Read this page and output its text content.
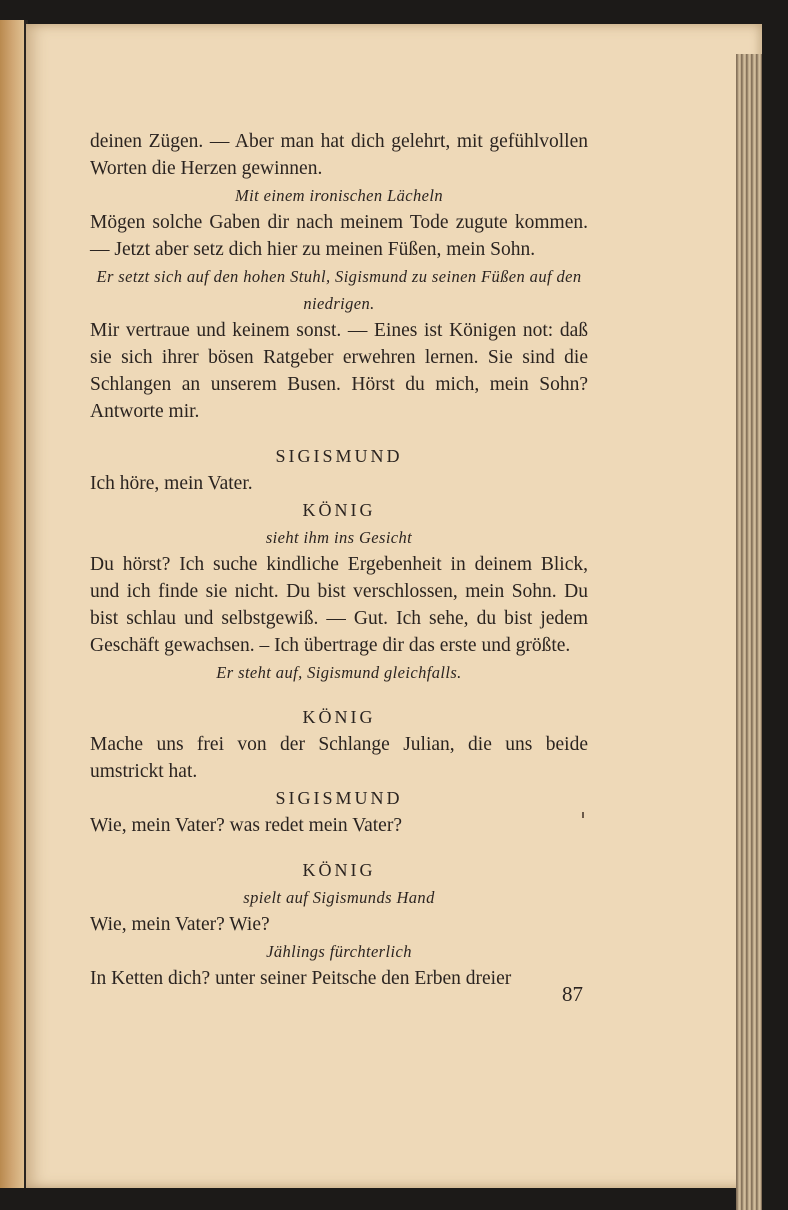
deinen Zügen. — Aber man hat dich gelehrt, mit gefühlvollen Worten die Herzen gewinnen.

Mit einem ironischen Lächeln

Mögen solche Gaben dir nach meinem Tode zugute kommen. — Jetzt aber setz dich hier zu meinen Füßen, mein Sohn.

Er setzt sich auf den hohen Stuhl, Sigismund zu seinen Füßen auf den niedrigen.

Mir vertraue und keinem sonst. — Eines ist Königen not: daß sie sich ihrer bösen Ratgeber erwehren lernen. Sie sind die Schlangen an unserem Busen. Hörst du mich, mein Sohn? Antworte mir.

SIGISMUND

Ich höre, mein Vater.

KÖNIG

sieht ihm ins Gesicht

Du hörst? Ich suche kindliche Ergebenheit in deinem Blick, und ich finde sie nicht. Du bist verschlossen, mein Sohn. Du bist schlau und selbstgewiß. — Gut. Ich sehe, du bist jedem Geschäft gewachsen. – Ich übertrage dir das erste und größte.

Er steht auf, Sigismund gleichfalls.

KÖNIG

Mache uns frei von der Schlange Julian, die uns beide umstrickt hat.

SIGISMUND

Wie, mein Vater? was redet mein Vater?

KÖNIG

spielt auf Sigismunds Hand

Wie, mein Vater? Wie?

Jählings fürchterlich

In Ketten dich? unter seiner Peitsche den Erben dreier

87
